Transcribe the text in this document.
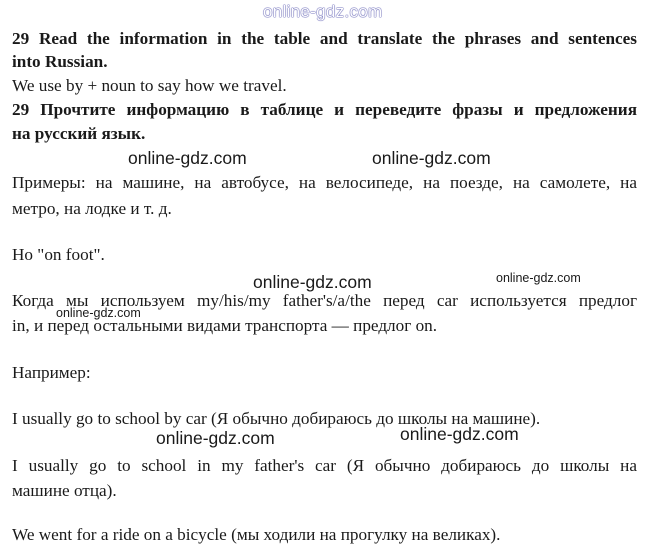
online-gdz.com
29 Read the information in the table and translate the phrases and sentences
into Russian.
We use by + noun to say how we travel.
29 Прочтите информацию в таблице и переведите фразы и предложения
на русский язык.
online-gdz.com	online-gdz.com
Примеры: на машине, на автобусе, на велосипеде, на поезде, на самолете, на
метро, на лодке и т. д.
Но "on foot".
online-gdz.com	online-gdz.com
Когда мы используем my/his/my father's/a/the перед car используется предлог
online-gdz.com
in, и перед остальными видами транспорта — предлог on.
Например:
I usually go to school by car (Я обычно добираюсь до школы на машине).
online-gdz.com	online-gdz.com
I usually go to school in my father's car (Я обычно добираюсь до школы на
машине отца).
We went for a ride on a bicycle (мы ходили на прогулку на великах).
